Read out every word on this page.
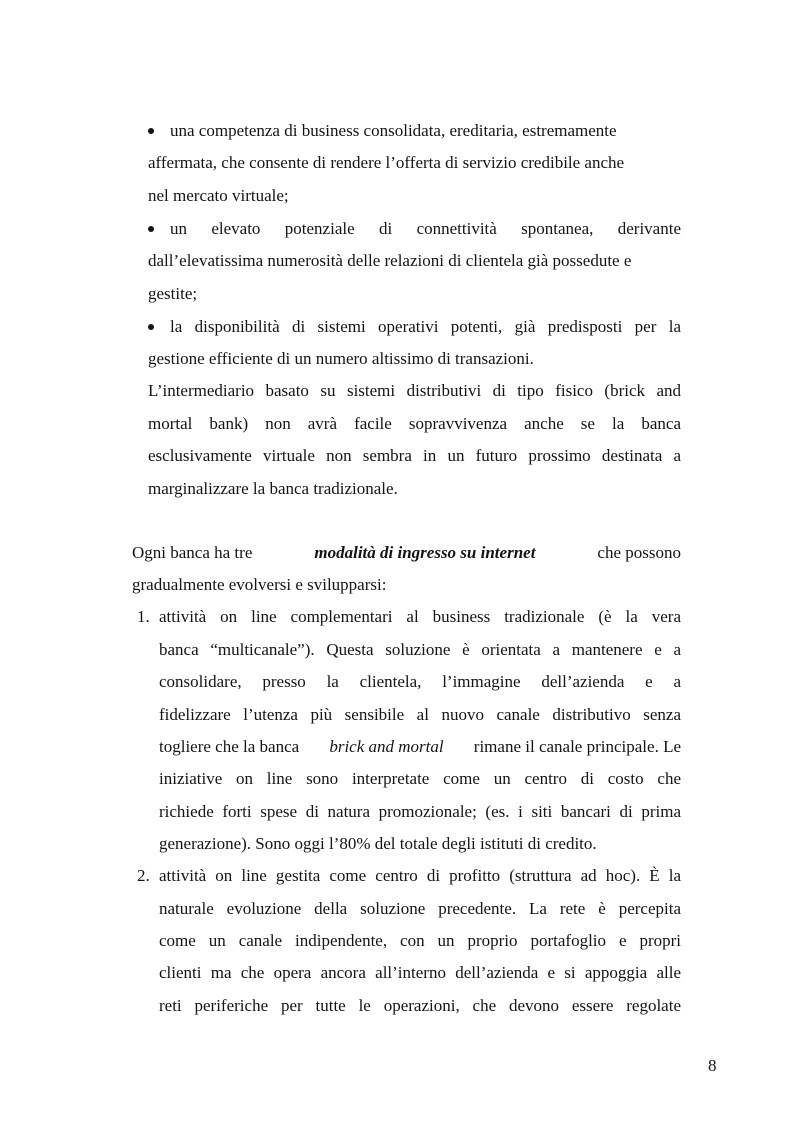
una competenza di business consolidata, ereditaria, estremamente
affermata, che consente di rendere l’offerta di servizio credibile anche
nel mercato virtuale;
un elevato potenziale di connettività spontanea, derivante
dall’elevatissima numerosità delle relazioni di clientela già possedute e
gestite;
la disponibilità di sistemi operativi potenti, già predisposti per la
gestione efficiente di un numero altissimo di transazioni.
L’intermediario basato su sistemi distributivi di tipo fisico (brick and
mortal bank) non avrà facile sopravvivenza anche se la banca
esclusivamente virtuale non sembra in un futuro prossimo destinata a
marginalizzare la banca tradizionale.
Ogni banca ha tre	modalità di ingresso su internet	che possono
gradualmente evolversi e svilupparsi:
1. attività on line complementari al business tradizionale (è la vera
banca “multicanale”). Questa soluzione è orientata a mantenere e a
consolidare, presso la clientela, l’immagine dell’azienda e a
fidelizzare l’utenza più sensibile al nuovo canale distributivo senza
togliere che la banca brick and mortal rimane il canale principale. Le
iniziative on line sono interpretate come un centro di costo che
richiede forti spese di natura promozionale; (es. i siti bancari di prima
generazione). Sono oggi l’80% del totale degli istituti di credito.
2. attività on line gestita come centro di profitto (struttura ad hoc). È la
naturale evoluzione della soluzione precedente. La rete è percepita
come un canale indipendente, con un proprio portafoglio e propri
clienti ma che opera ancora all’interno dell’azienda e si appoggia alle
reti periferiche per tutte le operazioni, che devono essere regolate
8
